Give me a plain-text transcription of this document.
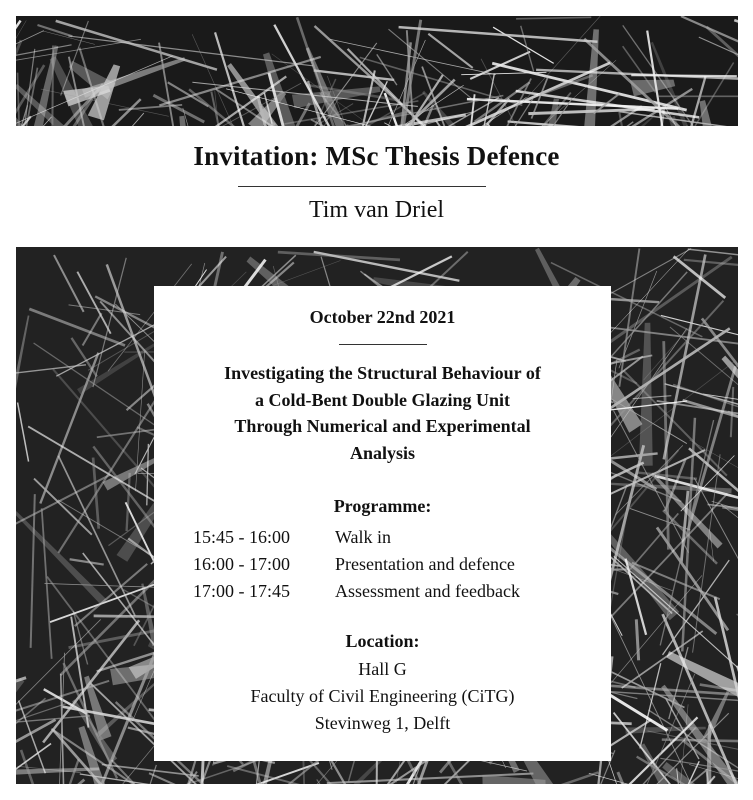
Invitation: MSc Thesis Defence
Tim van Driel
October 22nd 2021
Investigating the Structural Behaviour of
a Cold-Bent Double Glazing Unit
Through Numerical and Experimental
Analysis
Programme:
15:45 - 16:00	Walk in
16:00 - 17:00	Presentation and defence
17:00 - 17:45	Assessment and feedback
Location:
Hall G
Faculty of Civil Engineering (CiTG)
Stevinweg 1, Delft
